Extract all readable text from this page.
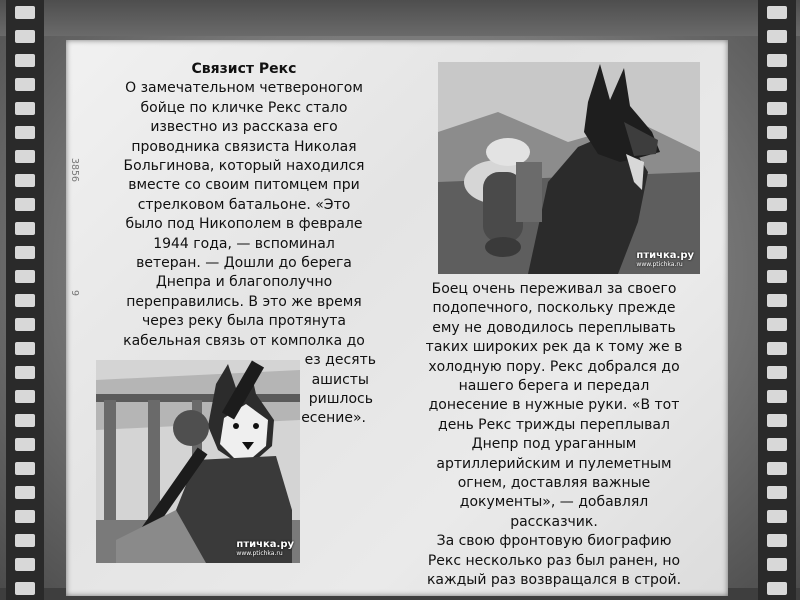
3856
9
птичка.ру
www.ptichka.ru
птичка.ру
www.ptichka.ru
Связист Рекс
О замечательном четвероногом
бойце по кличке Рекс стало
известно из рассказа его
проводника связиста Николая
Больгинова, который находился
вместе со своим питомцем при
стрелковом батальоне. «Это
было под Никополем в феврале
1944 года, — вспоминал
ветеран. — Дошли до берега
Днепра и благополучно
переправились. В это же время
через реку была протянута
кабельная связь от комполка до
ез десять
ашисты
ришлось
есение».
Боец очень переживал за своего
подопечного, поскольку прежде
ему не доводилось переплывать
таких широких рек да к тому же в
холодную пору. Рекс добрался до
нашего берега и передал
донесение в нужные руки. «В тот
день Рекс трижды переплывал
Днепр под ураганным
артиллерийским и пулеметным
огнем, доставляя важные
документы», — добавлял
рассказчик.
За свою фронтовую биографию
Рекс несколько раз был ранен, но
каждый раз возвращался в строй.
